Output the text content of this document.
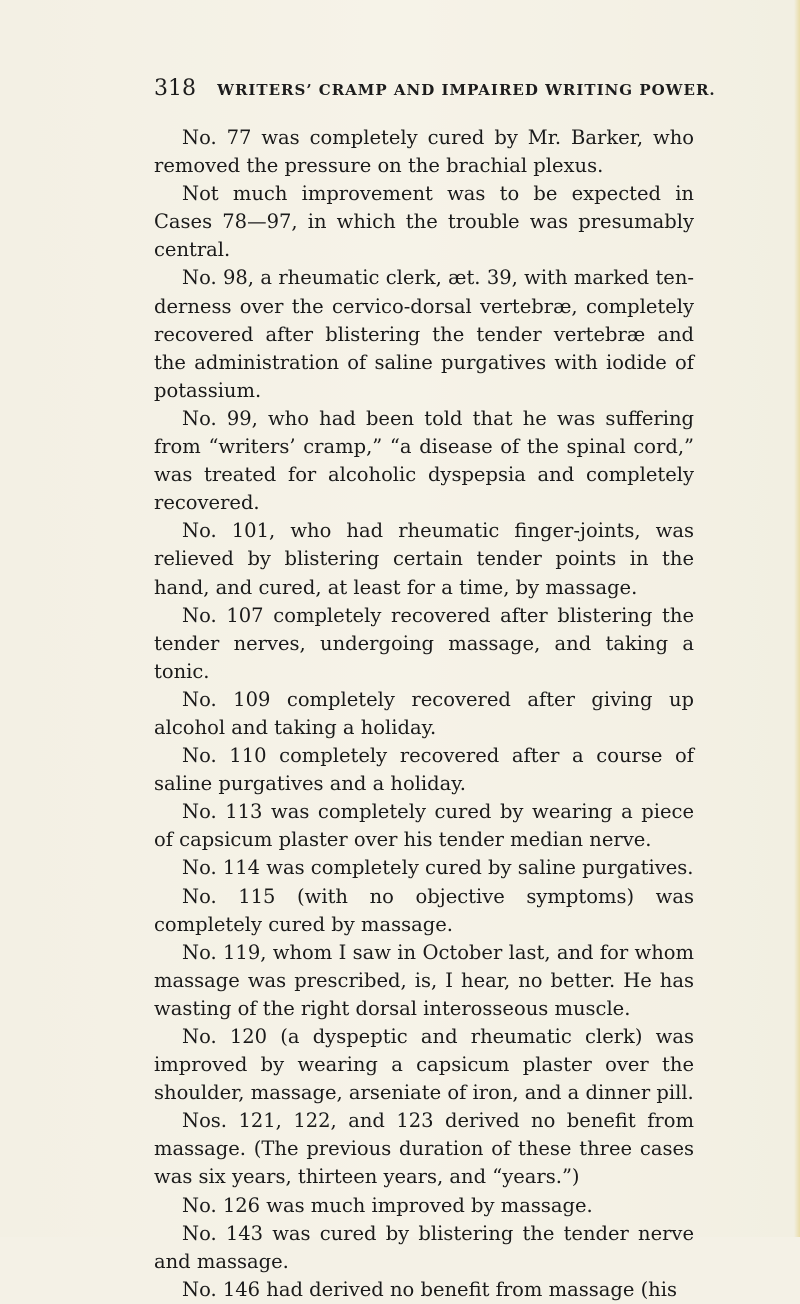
318 WRITERS’ CRAMP AND IMPAIRED WRITING POWER.

No. 77 was completely cured by Mr. Barker, who removed the pressure on the brachial plexus.

Not much improvement was to be expected in Cases 78—97, in which the trouble was presumably central.

No. 98, a rheumatic clerk, æt. 39, with marked tenderness over the cervico-dorsal vertebræ, completely recovered after blistering the tender vertebræ and the administration of saline purgatives with iodide of potassium.

No. 99, who had been told that he was suffering from “writers’ cramp,” “a disease of the spinal cord,” was treated for alcoholic dyspepsia and completely recovered.

No. 101, who had rheumatic finger-joints, was relieved by blistering certain tender points in the hand, and cured, at least for a time, by massage.

No. 107 completely recovered after blistering the tender nerves, undergoing massage, and taking a tonic.

No. 109 completely recovered after giving up alcohol and taking a holiday.

No. 110 completely recovered after a course of saline purgatives and a holiday.

No. 113 was completely cured by wearing a piece of capsicum plaster over his tender median nerve.

No. 114 was completely cured by saline purgatives.

No. 115 (with no objective symptoms) was completely cured by massage.

No. 119, whom I saw in October last, and for whom massage was prescribed, is, I hear, no better. He has wasting of the right dorsal interosseous muscle.

No. 120 (a dyspeptic and rheumatic clerk) was improved by wearing a capsicum plaster over the shoulder, massage, arseniate of iron, and a dinner pill.

Nos. 121, 122, and 123 derived no benefit from massage. (The previous duration of these three cases was six years, thirteen years, and “years.”)

No. 126 was much improved by massage.

No. 143 was cured by blistering the tender nerve and massage.

No. 146 had derived no benefit from massage (his
